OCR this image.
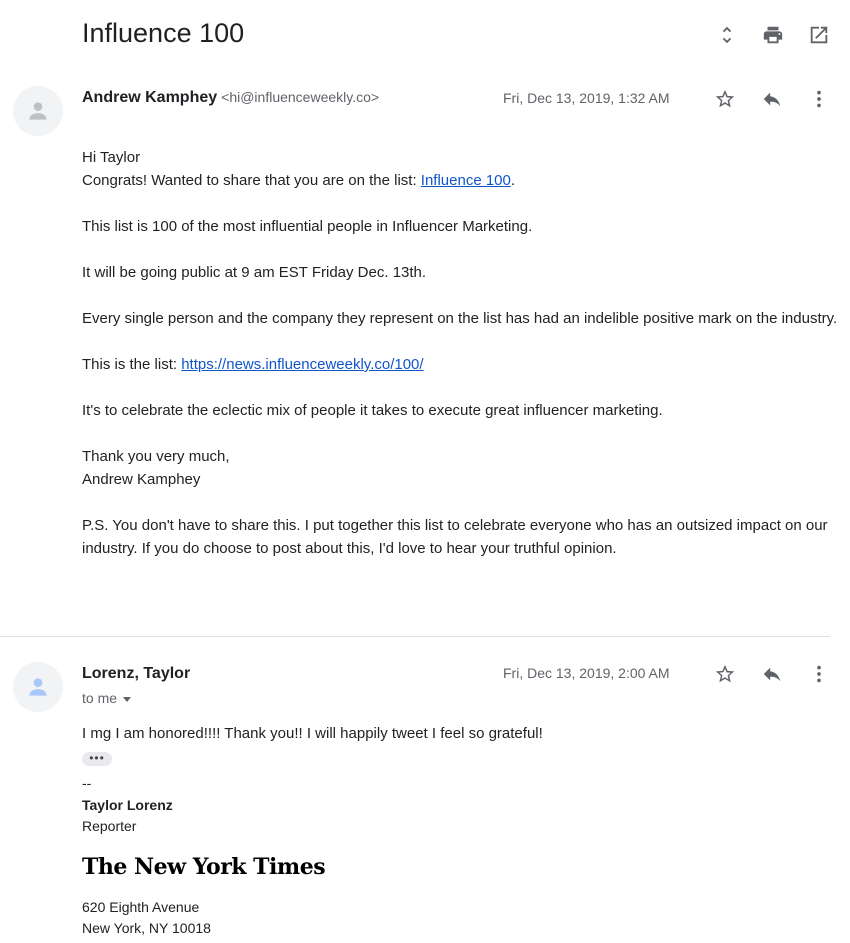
Influence 100
Andrew Kamphey <hi@influenceweekly.co>	Fri, Dec 13, 2019, 1:32 AM

Hi Taylor

Congrats! Wanted to share that you are on the list: Influence 100.

This list is 100 of the most influential people in Influencer Marketing.

It will be going public at 9 am EST Friday Dec. 13th.

Every single person and the company they represent on the list has had an indelible positive mark on the industry.

This is the list: https://news.influenceweekly.co/100/

It's to celebrate the eclectic mix of people it takes to execute great influencer marketing.

Thank you very much,

Andrew Kamphey

P.S. You don't have to share this. I put together this list to celebrate everyone who has an outsized impact on our industry. If you do choose to post about this, I'd love to hear your truthful opinion.

Lorenz, Taylor
to me
Fri, Dec 13, 2019, 2:00 AM
I mg I am honored!!!! Thank you!! I will happily tweet I feel so grateful!
•••
--
Taylor Lorenz
Reporter
The New York Times
620 Eighth Avenue
New York, NY 10018
